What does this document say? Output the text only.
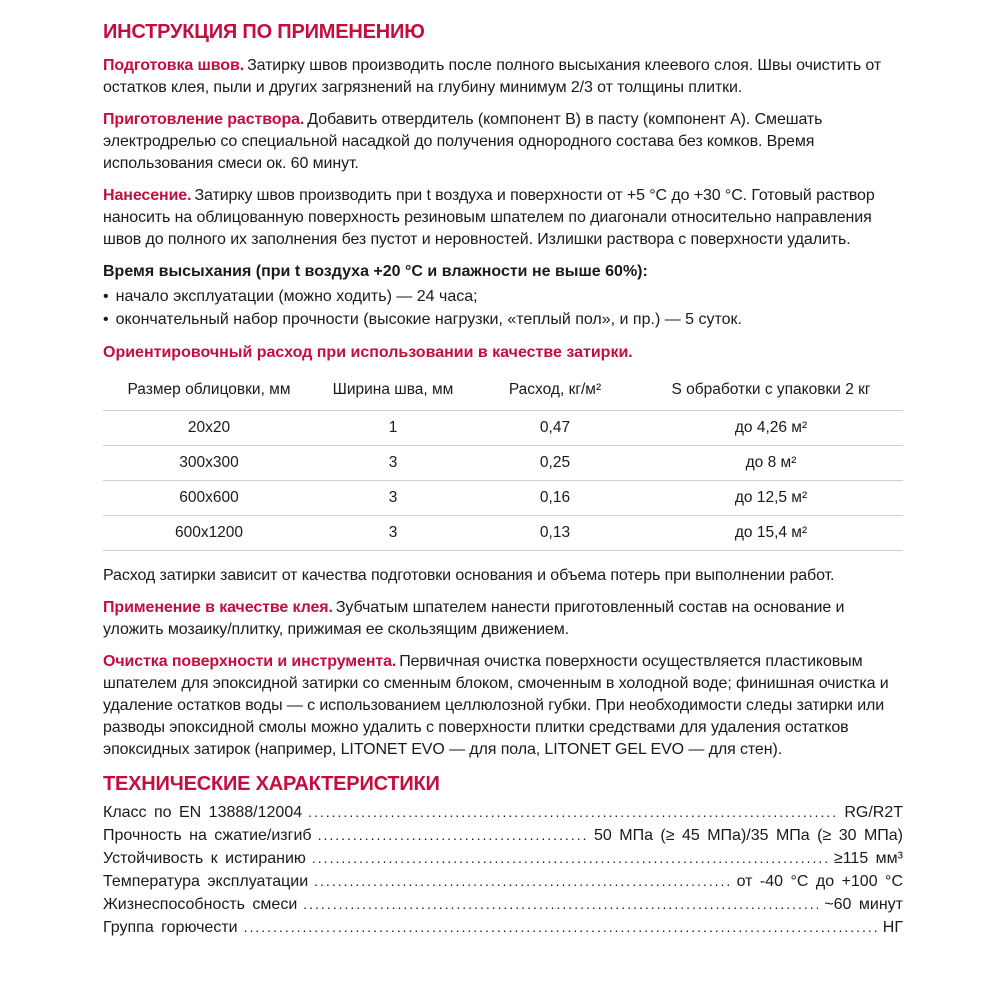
ИНСТРУКЦИЯ ПО ПРИМЕНЕНИЮ

Подготовка швов. Затирку швов производить после полного высыхания клеевого слоя. Швы очистить от остатков клея, пыли и других загрязнений на глубину минимум 2/3 от толщины плитки.

Приготовление раствора. Добавить отвердитель (компонент B) в пасту (компонент A). Смешать электродрелью со специальной насадкой до получения однородного состава без комков. Время использования смеси ок. 60 минут.

Нанесение. Затирку швов производить при t воздуха и поверхности от +5 °C до +30 °C. Готовый раствор наносить на облицованную поверхность резиновым шпателем по диагонали относительно направления швов до полного их заполнения без пустот и неровностей. Излишки раствора с поверхности удалить.

Время высыхания (при t воздуха +20 °C и влажности не выше 60%):

• начало эксплуатации (можно ходить) — 24 часа;
• окончательный набор прочности (высокие нагрузки, «теплый пол», и пр.) — 5 суток.

Ориентировочный расход при использовании в качестве затирки.

Размер облицовки, мм	Ширина шва, мм	Расход, кг/м²	S обработки с упаковки 2 кг
20x20	1	0,47	до 4,26 м²
300x300	3	0,25	до 8 м²
600x600	3	0,16	до 12,5 м²
600x1200	3	0,13	до 15,4 м²

Расход затирки зависит от качества подготовки основания и объема потерь при выполнении работ.

Применение в качестве клея. Зубчатым шпателем нанести приготовленный состав на основание и уложить мозаику/плитку, прижимая ее скользящим движением.

Очистка поверхности и инструмента. Первичная очистка поверхности осуществляется пластиковым шпателем для эпоксидной затирки со сменным блоком, смоченным в холодной воде; финишная очистка и удаление остатков воды — с использованием целлюлозной губки. При необходимости следы затирки или разводы эпоксидной смолы можно удалить с поверхности плитки средствами для удаления остатков эпоксидных затирок (например, LITONET EVO — для пола, LITONET GEL EVO — для стен).

ТЕХНИЧЕСКИЕ ХАРАКТЕРИСТИКИ
Класс по EN 13888/12004 .....	RG/R2T
Прочность на сжатие/изгиб .....	50 МПа (≥ 45 МПа)/35 МПа (≥ 30 МПа)
Устойчивость к истиранию .....	≥115 мм³
Температура эксплуатации .....	от -40 °C до +100 °C
Жизнеспособность смеси .....	~60 минут
Группа горючести .....	НГ
